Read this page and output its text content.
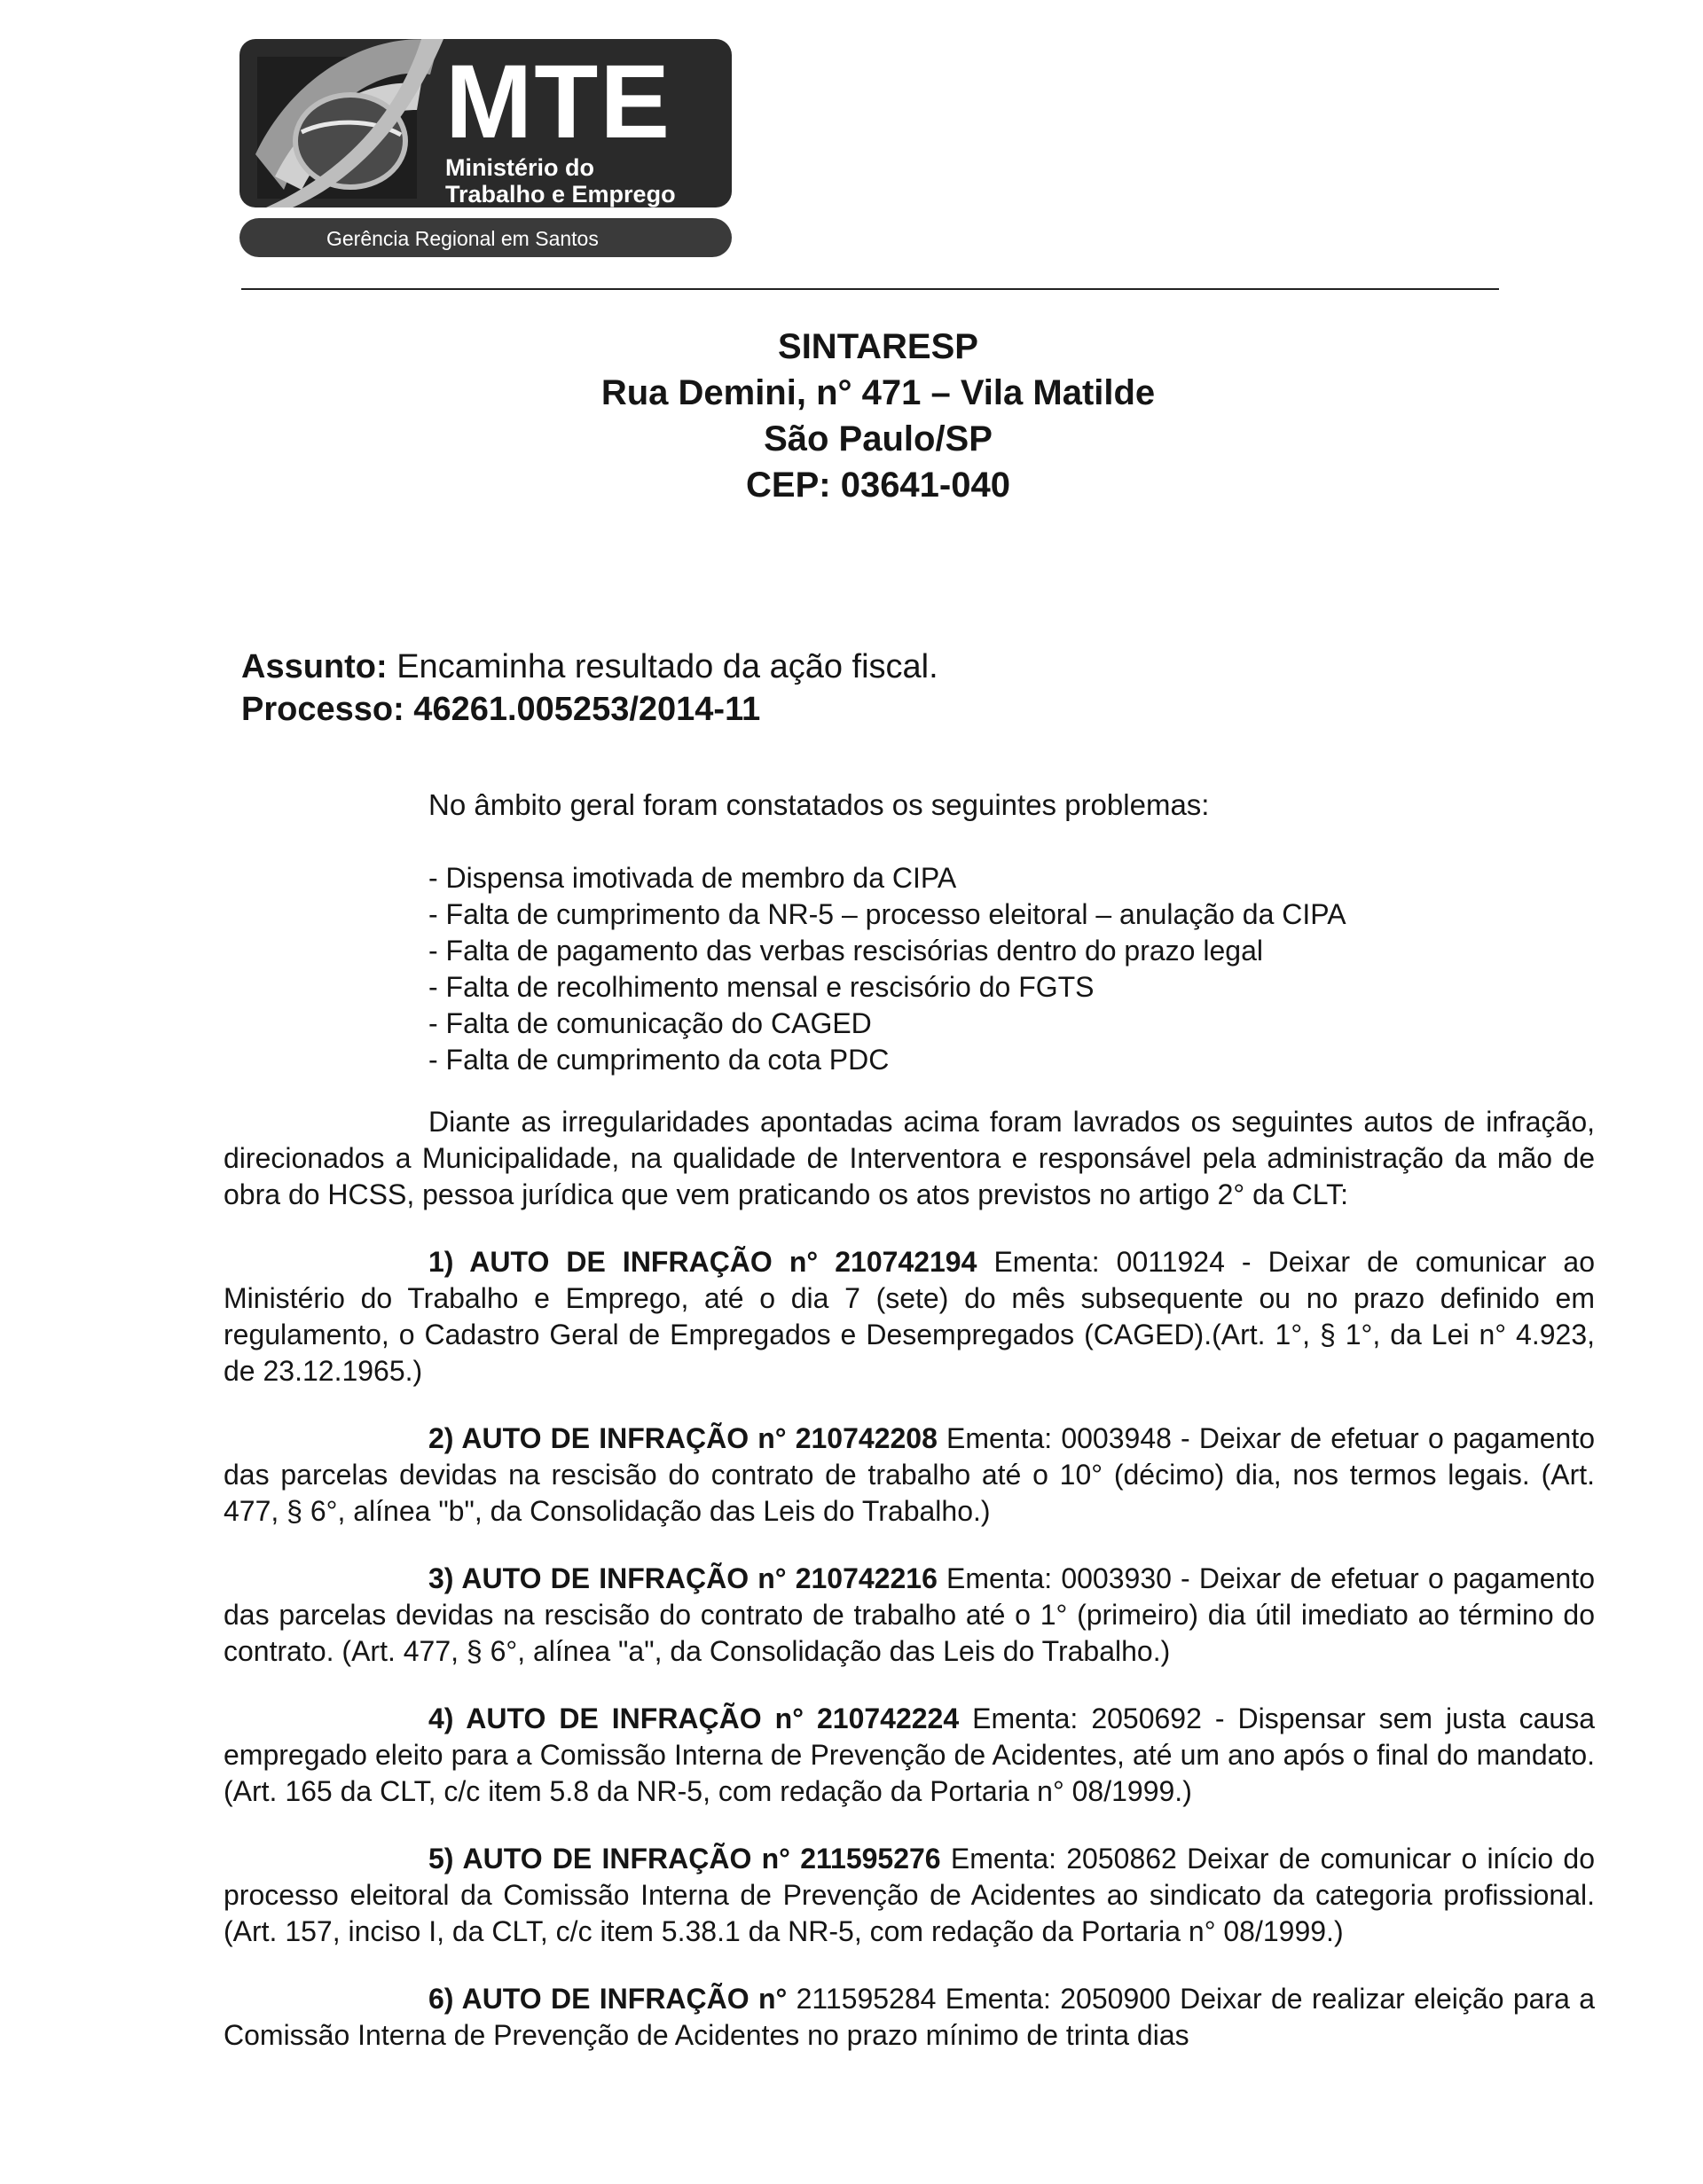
MTE
Ministério do
Trabalho e Emprego
Gerência Regional em Santos
SINTARESP
Rua Demini, n° 471 – Vila Matilde
São Paulo/SP
CEP: 03641-040
Assunto: Encaminha resultado da ação fiscal.
Processo: 46261.005253/2014-11
No âmbito geral foram constatados os seguintes problemas:
- Dispensa imotivada de membro da CIPA
- Falta de cumprimento da NR-5 – processo eleitoral – anulação da CIPA
- Falta de pagamento das verbas rescisórias dentro do prazo legal
- Falta de recolhimento mensal e rescisório do FGTS
- Falta de comunicação do CAGED
- Falta de cumprimento da cota PDC

Diante as irregularidades apontadas acima foram lavrados os seguintes autos de infração, direcionados a Municipalidade, na qualidade de Interventora e responsável pela administração da mão de obra do HCSS, pessoa jurídica que vem praticando os atos previstos no artigo 2° da CLT:

1) AUTO DE INFRAÇÃO n° 210742194 Ementa: 0011924 - Deixar de comunicar ao Ministério do Trabalho e Emprego, até o dia 7 (sete) do mês subsequente ou no prazo definido em regulamento, o Cadastro Geral de Empregados e Desempregados (CAGED).(Art. 1°, § 1°, da Lei n° 4.923, de 23.12.1965.)

2) AUTO DE INFRAÇÃO n° 210742208 Ementa: 0003948 - Deixar de efetuar o pagamento das parcelas devidas na rescisão do contrato de trabalho até o 10° (décimo) dia, nos termos legais. (Art. 477, § 6°, alínea "b", da Consolidação das Leis do Trabalho.)

3) AUTO DE INFRAÇÃO n° 210742216 Ementa: 0003930 - Deixar de efetuar o pagamento das parcelas devidas na rescisão do contrato de trabalho até o 1° (primeiro) dia útil imediato ao término do contrato. (Art. 477, § 6°, alínea "a", da Consolidação das Leis do Trabalho.)

4) AUTO DE INFRAÇÃO n° 210742224 Ementa: 2050692 - Dispensar sem justa causa empregado eleito para a Comissão Interna de Prevenção de Acidentes, até um ano após o final do mandato. (Art. 165 da CLT, c/c item 5.8 da NR-5, com redação da Portaria n° 08/1999.)

5) AUTO DE INFRAÇÃO n° 211595276 Ementa: 2050862 Deixar de comunicar o início do processo eleitoral da Comissão Interna de Prevenção de Acidentes ao sindicato da categoria profissional. (Art. 157, inciso I, da CLT, c/c item 5.38.1 da NR-5, com redação da Portaria n° 08/1999.)

6) AUTO DE INFRAÇÃO n° 211595284 Ementa: 2050900 Deixar de realizar eleição para a Comissão Interna de Prevenção de Acidentes no prazo mínimo de trinta dias
